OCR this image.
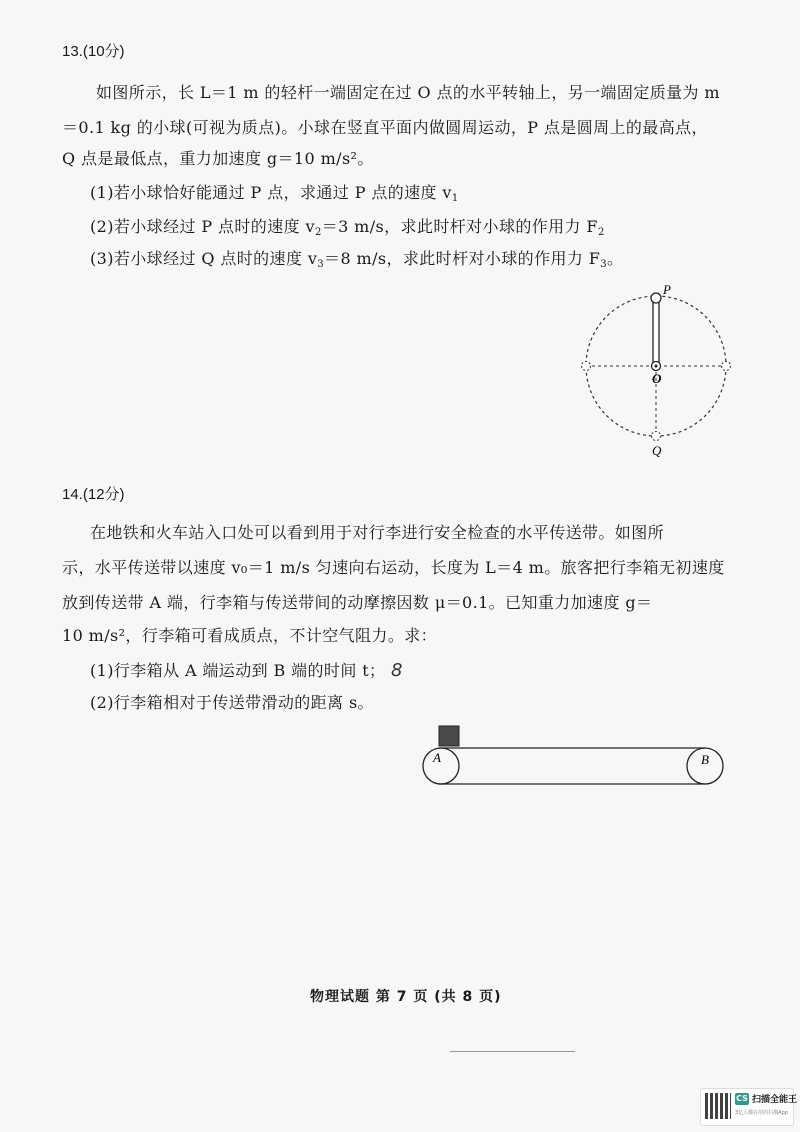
13.(10分)
如图所示，长 L＝1 m 的轻杆一端固定在过 O 点的水平转轴上，另一端固定质量为 m
＝0.1 kg 的小球(可视为质点)。小球在竖直平面内做圆周运动，P 点是圆周上的最高点，
Q 点是最低点，重力加速度 g＝10 m/s²。
(1)若小球恰好能通过 P 点，求通过 P 点的速度 $v_1$
(2)若小球经过 P 点时的速度 $v_2=3$ m/s，求此时杆对小球的作用力 $F_2$
(3)若小球经过 Q 点时的速度 $v_3=8$ m/s，求此时杆对小球的作用力 $F_3$。
P
O
Q
14.(12分)
在地铁和火车站入口处可以看到用于对行李进行安全检查的水平传送带。如图所
示，水平传送带以速度 v₀＝1 m/s 匀速向右运动，长度为 L＝4 m。旅客把行李箱无初速度
放到传送带 A 端，行李箱与传送带间的动摩擦因数 μ＝0.1。已知重力加速度 g＝
10 m/s²，行李箱可看成质点，不计空气阻力。求：
(1)行李箱从 A 端运动到 B 端的时间 t； 8
(2)行李箱相对于传送带滑动的距离 s。
A	B
物理试题 第 7 页 (共 8 页)
CS 扫描全能王
3亿人都在用的扫描App
